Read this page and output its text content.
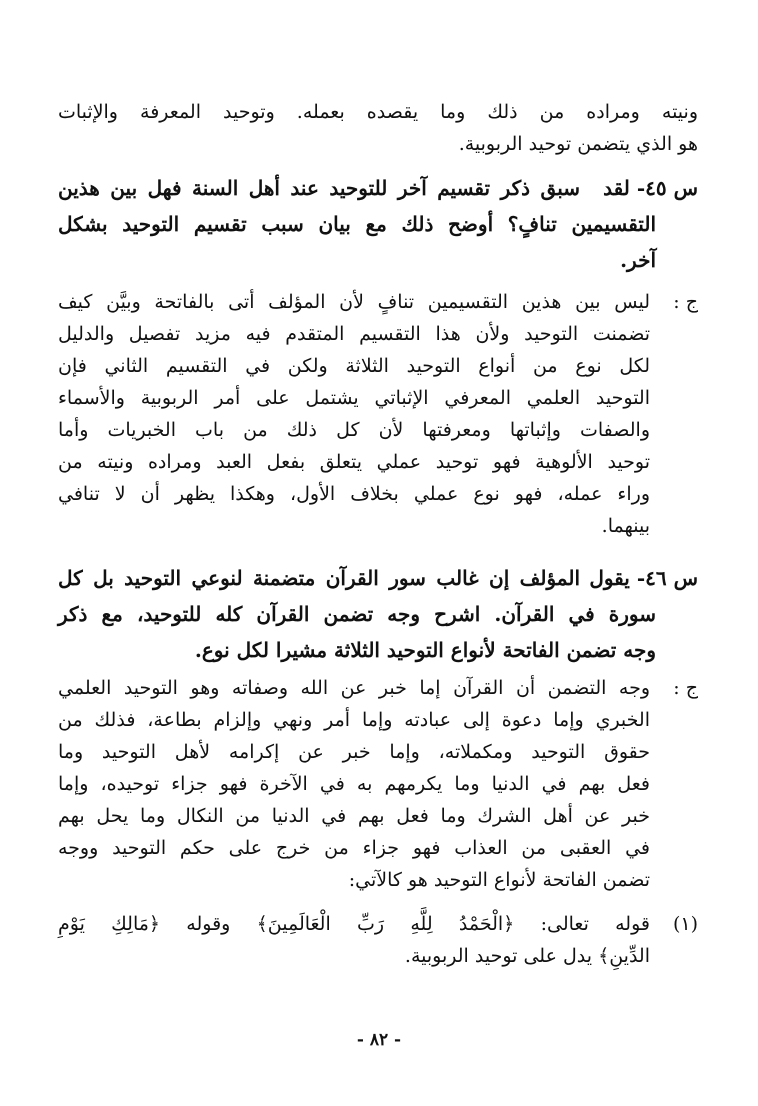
ونيته ومراده من ذلك وما يقصده بعمله. وتوحيد المعرفة والإثبات
هو الذي يتضمن توحيد الربوبية.
س ٤٥- لقد
سبق ذكر تقسيم آخر للتوحيد عند أهل السنة فهل بين هذين
التقسيمين تنافٍ؟ أوضح ذلك مع بيان سبب تقسيم التوحيد بشكل
آخر.
ج :
ليس بين هذين التقسيمين تنافٍ لأن المؤلف أتى بالفاتحة وبيَّن كيف
تضمنت التوحيد ولأن هذا التقسيم المتقدم فيه مزيد تفصيل والدليل
لكل نوع من أنواع التوحيد الثلاثة ولكن في التقسيم الثاني فإن
التوحيد العلمي المعرفي الإثباتي يشتمل على أمر الربوبية والأسماء
والصفات وإثباتها ومعرفتها لأن كل ذلك من باب الخبريات وأما
توحيد الألوهية فهو توحيد عملي يتعلق بفعل العبد ومراده ونيته من
وراء عمله، فهو نوع عملي بخلاف الأول، وهكذا يظهر أن لا تنافي
بينهما.
س ٤٦- يقول
المؤلف إن غالب سور القرآن متضمنة لنوعي التوحيد بل كل
سورة في القرآن. اشرح وجه تضمن القرآن كله للتوحيد، مع ذكر
وجه تضمن الفاتحة لأنواع التوحيد الثلاثة مشيرا لكل نوع.
ج :
وجه التضمن أن القرآن إما خبر عن الله وصفاته وهو التوحيد العلمي
الخبري وإما دعوة إلى عبادته وإما أمر ونهي وإلزام بطاعة، فذلك من
حقوق التوحيد ومكملاته، وإما خبر عن إكرامه لأهل التوحيد وما
فعل بهم في الدنيا وما يكرمهم به في الآخرة فهو جزاء توحيده، وإما
خبر عن أهل الشرك وما فعل بهم في الدنيا من النكال وما يحل بهم
في العقبى من العذاب فهو جزاء من خرج على حكم التوحيد ووجه
تضمن الفاتحة لأنواع التوحيد هو كالآتي:
(١)
قوله تعالى: ﴿الْحَمْدُ لِلَّهِ رَبِّ الْعَالَمِينَ﴾ وقوله ﴿مَالِكِ يَوْمِ
الدِّينِ﴾ يدل على توحيد الربوبية.
- ٨٢ -
